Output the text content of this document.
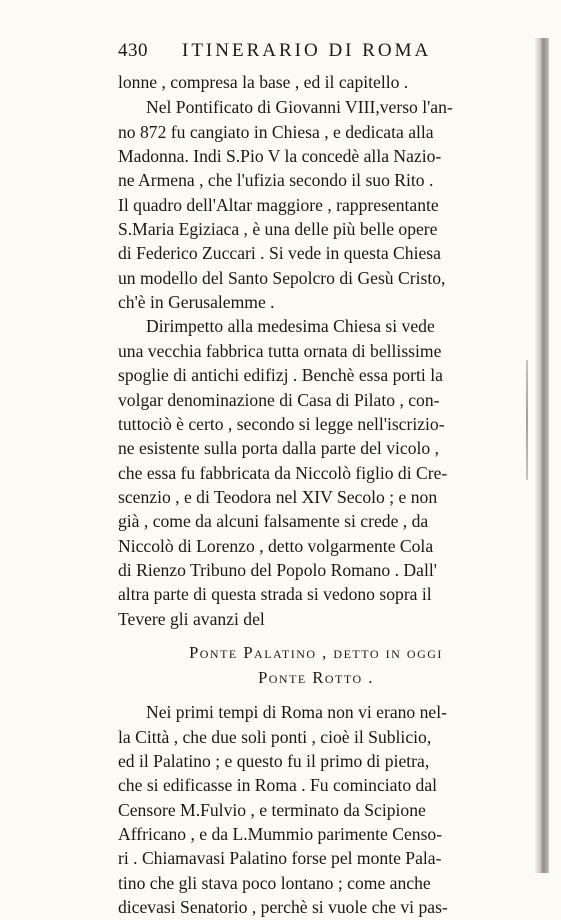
430 ITINERARIO DI ROMA
lonne , compresa la base , ed il capitello .
Nel Pontificato di Giovanni VIII,verso l'an-
no 872 fu cangiato in Chiesa , e dedicata alla
Madonna. Indi S.Pio V la concedè alla Nazio-
ne Armena , che l'ufizia secondo il suo Rito .
Il quadro dell'Altar maggiore , rappresentante
S.Maria Egiziaca , è una delle più belle opere
di Federico Zuccari . Si vede in questa Chiesa
un modello del Santo Sepolcro di Gesù Cristo,
ch'è in Gerusalemme .
Dirimpetto alla medesima Chiesa si vede
una vecchia fabbrica tutta ornata di bellissime
spoglie di antichi edifizj . Benchè essa porti la
volgar denominazione di Casa di Pilato , con-
tuttociò è certo , secondo si legge nell'iscrizio-
ne esistente sulla porta dalla parte del vicolo ,
che essa fu fabbricata da Niccolò figlio di Cre-
scenzio , e di Teodora nel XIV Secolo ; e non
già , come da alcuni falsamente si crede , da
Niccolò di Lorenzo , detto volgarmente Cola
di Rienzo Tribuno del Popolo Romano . Dall'
altra parte di questa strada si vedono sopra il
Tevere gli avanzi del
Ponte Palatino , detto in oggi
Ponte Rotto .
Nei primi tempi di Roma non vi erano nel-
la Città , che due soli ponti , cioè il Sublicio,
ed il Palatino ; e questo fu il primo di pietra,
che si edificasse in Roma . Fu cominciato dal
Censore M.Fulvio , e terminato da Scipione
Affricano , e da L.Mummio parimente Censo-
ri . Chiamavasi Palatino forse pel monte Pala-
tino che gli stava poco lontano ; come anche
dicevasi Senatorio , perchè si vuole che vi pas-
